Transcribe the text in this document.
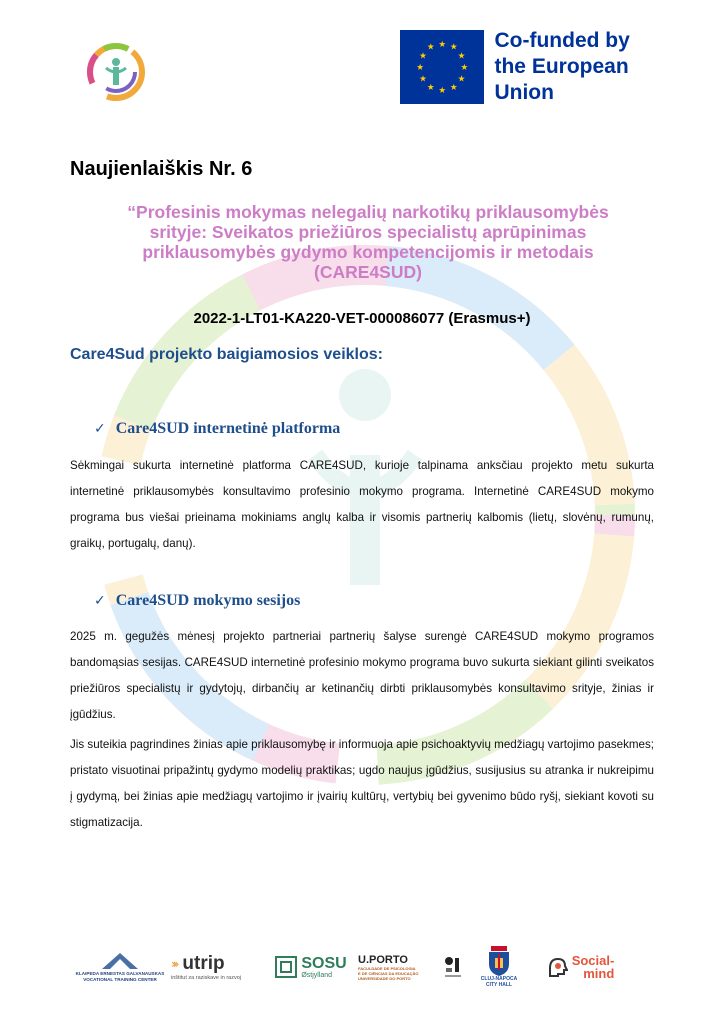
★ ★
★
★
★
★
★
★
★
★
★
★	Co-funded by
the European Union
Naujienlaiškis Nr. 6
“Profesinis mokymas nelegalių narkotikų priklausomybės
srityje: Sveikatos priežiūros specialistų aprūpinimas
priklausomybės gydymo kompetencijomis ir metodais
(CARE4SUD)
2022-1-LT01-KA220-VET-000086077 (Erasmus+)
Care4Sud projekto baigiamosios veiklos:
✓ Care4SUD internetinė platforma
Sėkmingai sukurta internetinė platforma CARE4SUD, kurioje talpinama anksčiau projekto metu sukurta internetinė priklausomybės konsultavimo profesinio mokymo programa. Internetinė CARE4SUD mokymo programa bus viešai prieinama mokiniams anglų kalba ir visomis partnerių kalbomis (lietų, slovėnų, rumunų, graikų, portugalų, danų).
✓ Care4SUD mokymo sesijos
2025 m. gegužės mėnesį projekto partneriai partnerių šalyse surengė CARE4SUD mokymo programos bandomąsias sesijas. CARE4SUD internetinė profesinio mokymo programa buvo sukurta siekiant gilinti sveikatos priežiūros specialistų ir gydytojų, dirbančių ar ketinančių dirbti priklausomybės konsultavimo srityje, žinias ir įgūdžius.
Jis suteikia pagrindines žinias apie priklausomybę ir informuoja apie psichoaktyvių medžiagų vartojimo pasekmes; pristato visuotinai pripažintų gydymo modelių praktikas; ugdo naujus įgūdžius, susijusius su atranka ir nukreipimu į gydymą, bei žinias apie medžiagų vartojimo ir įvairių kultūrų, vertybių bei gyvenimo būdo ryšį, siekiant kovoti su stigmatizacija.
KLAIPEDA ERNESTAS GALVANAUSKAS
VOCATIONAL TRAINING CENTER
››› utrip
inštitut za raziskave in razvoj
SOSU
Østjylland
U.PORTO
FACULDADE DE PSICOLOGIA
E DE CIÊNCIAS DA EDUCAÇÃO
UNIVERSIDADE DO PORTO	CLUJ-NAPOCA
CITY HALL
Social-
mind
